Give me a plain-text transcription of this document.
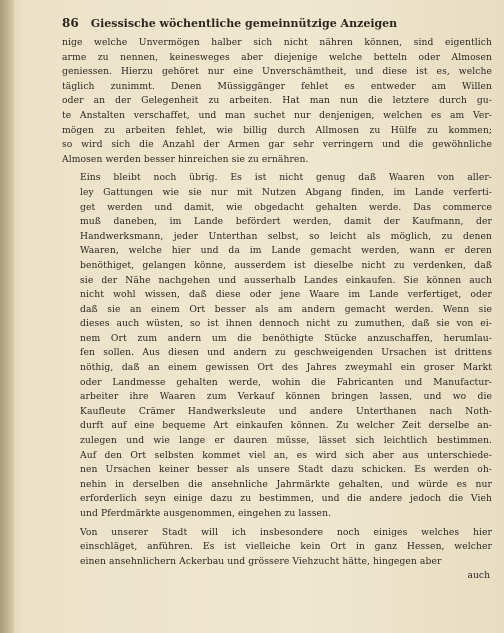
86 Giessische wöchentliche gemeinnützige Anzeigen
nige welche Unvermögen halber sich nicht nähren können, sind eigentlich
arme zu nennen, keinesweges aber diejenige welche betteln oder Almosen
geniessen. Hierzu gehöret nur eine Unverschämtheit, und diese ist es, welche
täglich zunimmt. Denen Müssiggänger fehlet es entweder am Willen
oder an der Gelegenheit zu arbeiten. Hat man nun die letztere durch gu-
te Anstalten verschaffet, und man suchet nur denjenigen, welchen es am Ver-
mögen zu arbeiten fehlet, wie billig durch Allmosen zu Hülfe zu kommen;
so wird sich die Anzahl der Armen gar sehr verringern und die gewöhnliche
Almosen werden besser hinreichen sie zu ernähren.
Eins bleibt noch übrig. Es ist nicht genug daß Waaren von aller-
ley Gattungen wie sie nur mit Nutzen Abgang finden, im Lande verferti-
get werden und damit, wie obgedacht gehalten werde. Das commerce
muß daneben, im Lande befördert werden, damit der Kaufmann, der
Handwerksmann, jeder Unterthan selbst, so leicht als möglich, zu denen
Waaren, welche hier und da im Lande gemacht werden, wann er deren
benöthiget, gelangen könne, ausserdem ist dieselbe nicht zu verdenken, daß
sie der Nähe nachgehen und ausserhalb Landes einkaufen. Sie können auch
nicht wohl wissen, daß diese oder jene Waare im Lande verfertiget, oder
daß sie an einem Ort besser als am andern gemacht werden. Wenn sie
dieses auch wüsten, so ist ihnen dennoch nicht zu zumuthen, daß sie von ei-
nem Ort zum andern um die benöthigte Stücke anzuschaffen, herumlau-
fen sollen. Aus diesen und andern zu geschweigenden Ursachen ist drittens
nöthig, daß an einem gewissen Ort des Jahres zweymahl ein groser Markt
oder Landmesse gehalten werde, wohin die Fabricanten und Manufactur-
arbeiter ihre Waaren zum Verkauf können bringen lassen, und wo die
Kaufleute Crämer Handwerksleute und andere Unterthanen nach Noth-
durft auf eine bequeme Art einkaufen können. Zu welcher Zeit derselbe an-
zulegen und wie lange er dauren müsse, lässet sich leichtlich bestimmen.
Auf den Ort selbsten kommet viel an, es wird sich aber aus unterschiede-
nen Ursachen keiner besser als unsere Stadt dazu schicken. Es werden oh-
nehin in derselben die ansehnliche Jahrmärkte gehalten, und würde es nur
erforderlich seyn einige dazu zu bestimmen, und die andere jedoch die Vieh
und Pferdmärkte ausgenommen, eingehen zu lassen.
Von unserer Stadt will ich insbesondere noch einiges welches hier
einschläget, anführen. Es ist vielleiche kein Ort in ganz Hessen, welcher
einen ansehnlichern Ackerbau und grössere Viehzucht hätte, hingegen aber
auch
